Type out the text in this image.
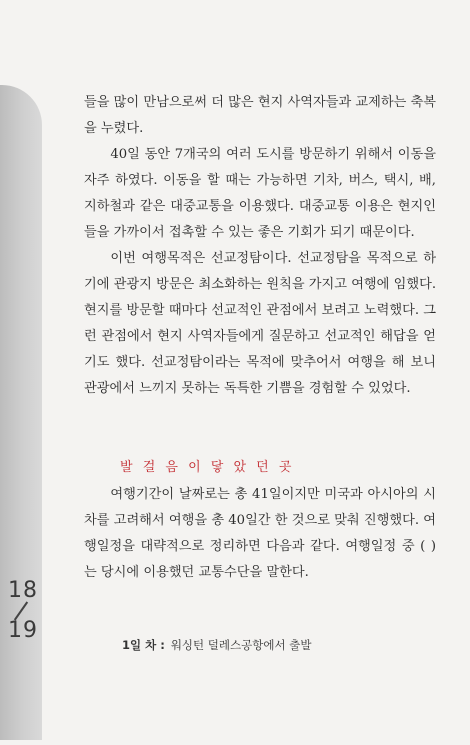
18
19

들을 많이 만남으로써 더 많은 현지 사역자들과 교제하는 축복을 누렸다.

40일 동안 7개국의 여러 도시를 방문하기 위해서 이동을 자주 하였다. 이동을 할 때는 가능하면 기차, 버스, 택시, 배, 지하철과 같은 대중교통을 이용했다. 대중교통 이용은 현지인들을 가까이서 접촉할 수 있는 좋은 기회가 되기 때문이다.

이번 여행목적은 선교정탐이다. 선교정탐을 목적으로 하기에 관광지 방문은 최소화하는 원칙을 가지고 여행에 임했다. 현지를 방문할 때마다 선교적인 관점에서 보려고 노력했다. 그런 관점에서 현지 사역자들에게 질문하고 선교적인 해답을 얻기도 했다. 선교정탐이라는 목적에 맞추어서 여행을 해 보니 관광에서 느끼지 못하는 독특한 기쁨을 경험할 수 있었다.

발 걸 음 이 닿 았 던 곳

여행기간이 날짜로는 총 41일이지만 미국과 아시아의 시차를 고려해서 여행을 총 40일간 한 것으로 맞춰 진행했다. 여행일정을 대략적으로 정리하면 다음과 같다. 여행일정 중 ( )는 당시에 이용했던 교통수단을 말한다.

1일 차 : 워싱턴 덜레스공항에서 출발
